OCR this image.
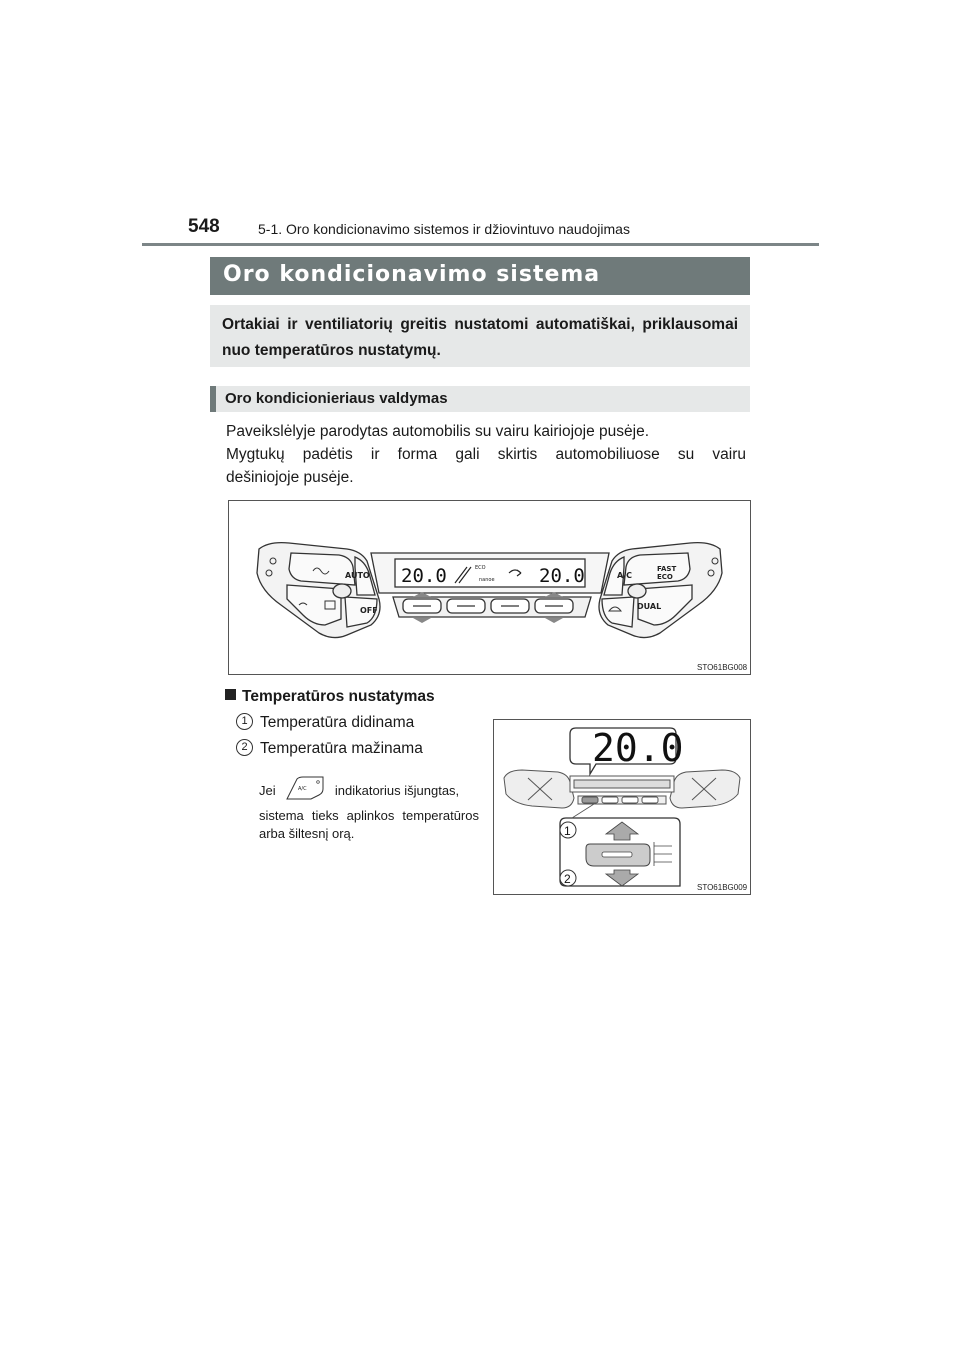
548	5-1. Oro kondicionavimo sistemos ir džiovintuvo naudojimas
Oro kondicionavimo sistema
Ortakiai ir ventiliatorių greitis nustatomi automatiškai, priklausomai nuo temperatūros nustatymų.
Oro kondicionieriaus valdymas

Paveikslėlyje parodytas automobilis su vairu kairiojoje pusėje.

Mygtukų padėtis ir forma gali skirtis automobiliuose su vairu

dešiniojoje pusėje.

AUTO
OFF
A/C
FAST
ECO
DUAL
20.0	20.0
ECO
nanoe
STO61BG008
Temperatūros nustatymas
1 Temperatūra didinama
2 Temperatūra mažinama

Jei	A/C indikatorius išjungtas,

sistema tieks aplinkos temperatūros arba šiltesnį orą.

20.0
1
2
STO61BG009
